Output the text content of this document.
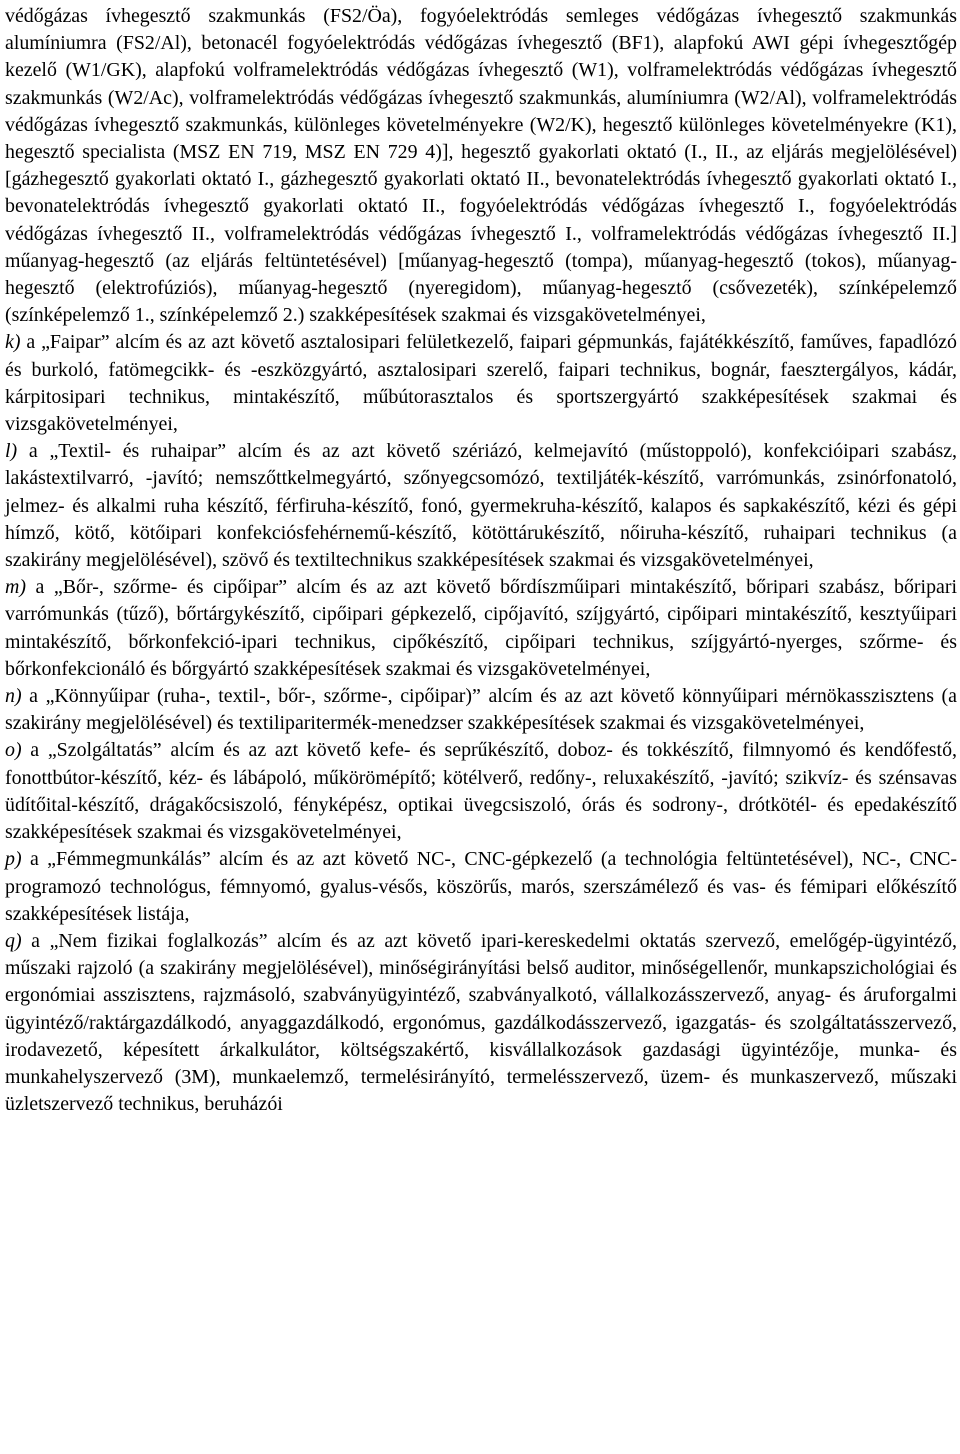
védőgázas ívhegesztő szakmunkás (FS2/Öa), fogyóelektródás semleges védőgázas ívhegesztő szakmunkás alumíniumra (FS2/Al), betonacél fogyóelektródás védőgázas ívhegesztő (BF1), alapfokú AWI gépi ívhegesztőgép kezelő (W1/GK), alapfokú volframelektródás védőgázas ívhegesztő (W1), volframelektródás védőgázas ívhegesztő szakmunkás (W2/Ac), volframelektródás védőgázas ívhegesztő szakmunkás, alumíniumra (W2/Al), volframelektródás védőgázas ívhegesztő szakmunkás, különleges követelményekre (W2/K), hegesztő különleges követelményekre (K1), hegesztő specialista (MSZ EN 719, MSZ EN 729 4)], hegesztő gyakorlati oktató (I., II., az eljárás megjelölésével) [gázhegesztő gyakorlati oktató I., gázhegesztő gyakorlati oktató II., bevonatelektródás ívhegesztő gyakorlati oktató I., bevonatelektródás ívhegesztő gyakorlati oktató II., fogyóelektródás védőgázas ívhegesztő I., fogyóelektródás védőgázas ívhegesztő II., volframelektródás védőgázas ívhegesztő I., volframelektródás védőgázas ívhegesztő II.] műanyag-hegesztő (az eljárás feltüntetésével) [műanyag-hegesztő (tompa), műanyag-hegesztő (tokos), műanyag-hegesztő (elektrofúziós), műanyag-hegesztő (nyeregidom), műanyag-hegesztő (csővezeték), színképelemző (színképelemző 1., színképelemző 2.) szakképesítések szakmai és vizsgakövetelményei,

k) a „Faipar” alcím és az azt követő asztalosipari felületkezelő, faipari gépmunkás, fajátékkészítő, faműves, fapadlózó és burkoló, fatömegcikk- és -eszközgyártó, asztalosipari szerelő, faipari technikus, bognár, faesztergályos, kádár, kárpitosipari technikus, mintakészítő, műbútorasztalos és sportszergyártó szakképesítések szakmai és vizsgakövetelményei,

l) a „Textil- és ruhaipar” alcím és az azt követő szériázó, kelmejavító (műstoppoló), konfekcióipari szabász, lakástextilvarró, -javító; nemszőttkelmegyártó, szőnyegcsomózó, textiljáték-készítő, varrómunkás, zsinórfonatoló, jelmez- és alkalmi ruha készítő, férfiruha-készítő, fonó, gyermekruha-készítő, kalapos és sapkakészítő, kézi és gépi hímző, kötő, kötőipari konfekciósfehérnemű-készítő, kötöttárukészítő, nőiruha-készítő, ruhaipari technikus (a szakirány megjelölésével), szövő és textiltechnikus szakképesítések szakmai és vizsgakövetelményei,

m) a „Bőr-, szőrme- és cipőipar” alcím és az azt követő bőrdíszműipari mintakészítő, bőripari szabász, bőripari varrómunkás (tűző), bőrtárgykészítő, cipőipari gépkezelő, cipőjavító, szíjgyártó, cipőipari mintakészítő, kesztyűipari mintakészítő, bőrkonfekció-ipari technikus, cipőkészítő, cipőipari technikus, szíjgyártó-nyerges, szőrme- és bőrkonfekcionáló és bőrgyártó szakképesítések szakmai és vizsgakövetelményei,

n) a „Könnyűipar (ruha-, textil-, bőr-, szőrme-, cipőipar)” alcím és az azt követő könnyűipari mérnökasszisztens (a szakirány megjelölésével) és textiliparitermék-menedzser szakképesítések szakmai és vizsgakövetelményei,

o) a „Szolgáltatás” alcím és az azt követő kefe- és seprűkészítő, doboz- és tokkészítő, filmnyomó és kendőfestő, fonottbútor-készítő, kéz- és lábápoló, műkörömépítő; kötélverő, redőny-, reluxakészítő, -javító; szikvíz- és szénsavas üdítőital-készítő, drágakőcsiszoló, fényképész, optikai üvegcsiszoló, órás és sodrony-, drótkötél- és epedakészítő szakképesítések szakmai és vizsgakövetelményei,

p) a „Fémmegmunkálás” alcím és az azt követő NC-, CNC-gépkezelő (a technológia feltüntetésével), NC-, CNC-programozó technológus, fémnyomó, gyalus-vésős, köszörűs, marós, szerszámélező és vas- és fémipari előkészítő szakképesítések listája,

q) a „Nem fizikai foglalkozás” alcím és az azt követő ipari-kereskedelmi oktatás szervező, emelőgép-ügyintéző, műszaki rajzoló (a szakirány megjelölésével), minőségirányítási belső auditor, minőségellenőr, munkapszichológiai és ergonómiai asszisztens, rajzmásoló, szabványügyintéző, szabványalkotó, vállalkozásszervező, anyag- és áruforgalmi ügyintéző/raktárgazdálkodó, anyaggazdálkodó, ergonómus, gazdálkodásszervező, igazgatás- és szolgáltatásszervező, irodavezető, képesített árkalkulátor, költségszakértő, kisvállalkozások gazdasági ügyintézője, munka- és munkahelyszervező (3M), munkaelemző, termelésirányító, termelésszervező, üzem- és munkaszervező, műszaki üzletszervező technikus, beruházói
